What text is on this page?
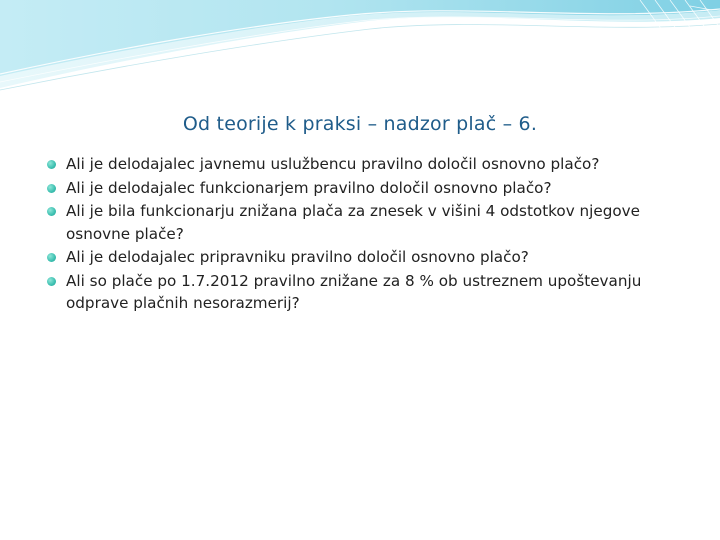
Od teorije k praksi – nadzor plač – 6.
Ali je delodajalec javnemu uslužbencu pravilno določil osnovno plačo?
Ali je delodajalec funkcionarjem pravilno določil osnovno plačo?
Ali je bila funkcionarju znižana plača za znesek v višini 4 odstotkov njegove osnovne plače?
Ali je delodajalec pripravniku pravilno določil osnovno plačo?
Ali so plače po 1.7.2012 pravilno znižane za 8 % ob ustreznem upoštevanju odprave plačnih nesorazmerij?
